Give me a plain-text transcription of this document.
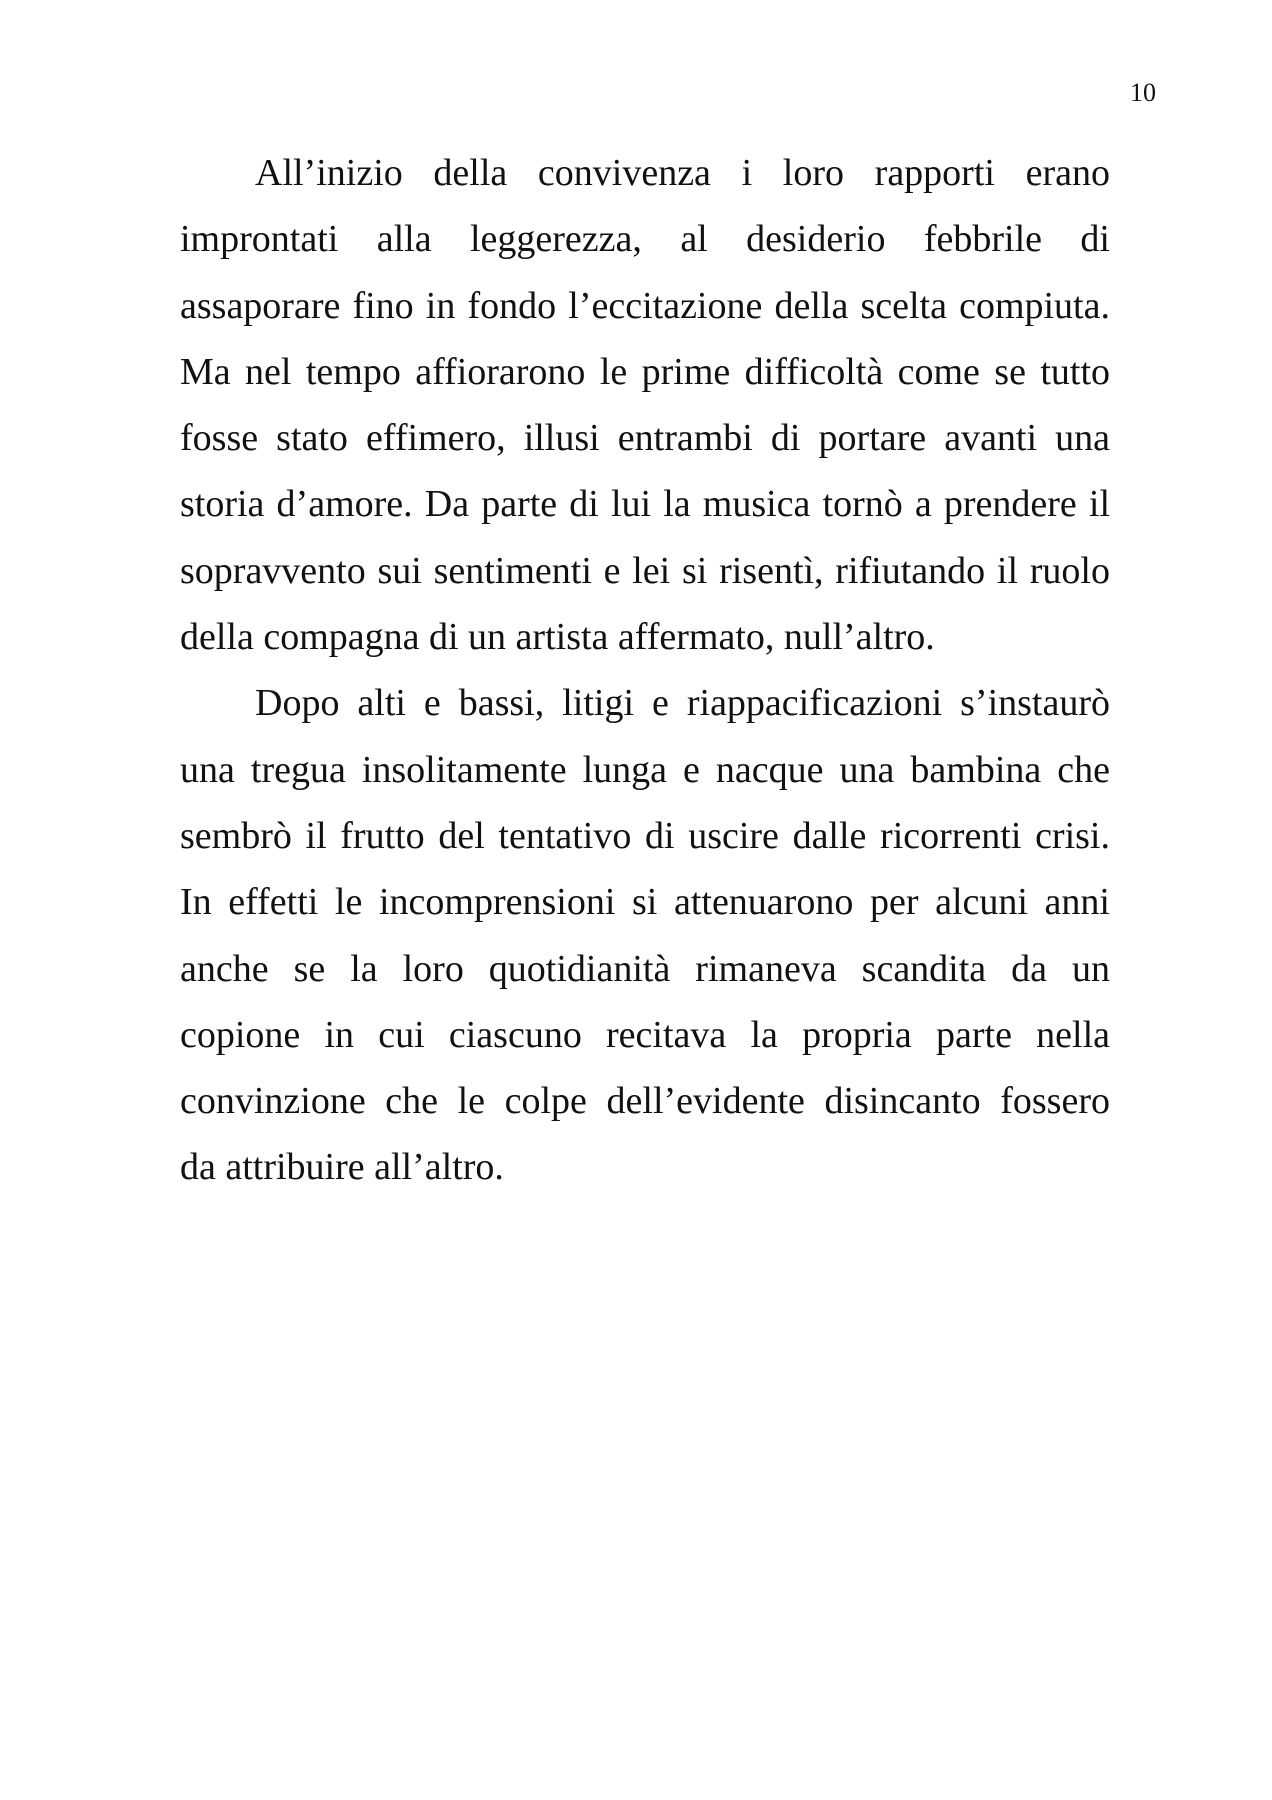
10
All’inizio della convivenza i loro rapporti erano
improntati alla leggerezza, al desiderio febbrile di
assaporare fino in fondo l’eccitazione della scelta compiuta.
Ma nel tempo affiorarono le prime difficoltà come se tutto
fosse stato effimero, illusi entrambi di portare avanti una
storia d’amore. Da parte di lui la musica tornò a prendere il
sopravvento sui sentimenti e lei si risentì, rifiutando il ruolo
della compagna di un artista affermato, null’altro.
Dopo alti e bassi, litigi e riappacificazioni s’instaurò
una tregua insolitamente lunga e nacque una bambina che
sembrò il frutto del tentativo di uscire dalle ricorrenti crisi.
In effetti le incomprensioni si attenuarono per alcuni anni
anche se la loro quotidianità rimaneva scandita da un
copione in cui ciascuno recitava la propria parte nella
convinzione che le colpe dell’evidente disincanto fossero
da attribuire all’altro.
